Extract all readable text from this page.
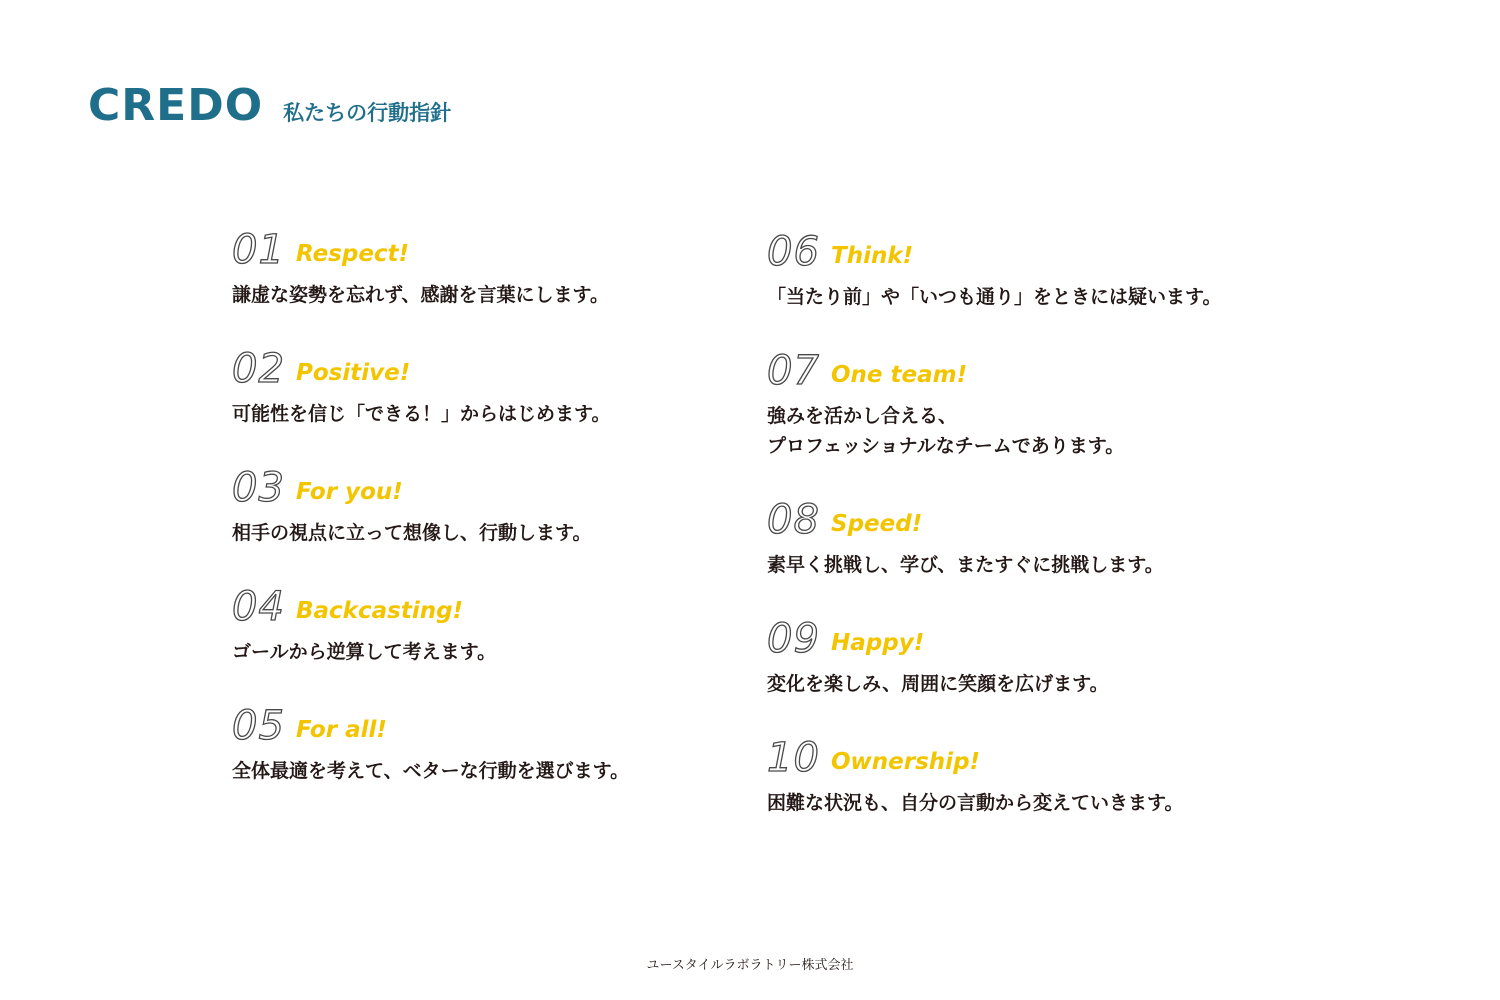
CREDO 私たちの行動指針
01 Respect!
謙虚な姿勢を忘れず、感謝を言葉にします。
02 Positive!
可能性を信じ「できる！」からはじめます。
03 For you!
相手の視点に立って想像し、行動します。
04 Backcasting!
ゴールから逆算して考えます。
05 For all!
全体最適を考えて、ベターな行動を選びます。
06 Think!
「当たり前」や「いつも通り」をときには疑います。
07 One team!
強みを活かし合える、
プロフェッショナルなチームであります。
08 Speed!
素早く挑戦し、学び、またすぐに挑戦します。
09 Happy!
変化を楽しみ、周囲に笑顔を広げます。
10 Ownership!
困難な状況も、自分の言動から変えていきます。
ユースタイルラボラトリー株式会社
